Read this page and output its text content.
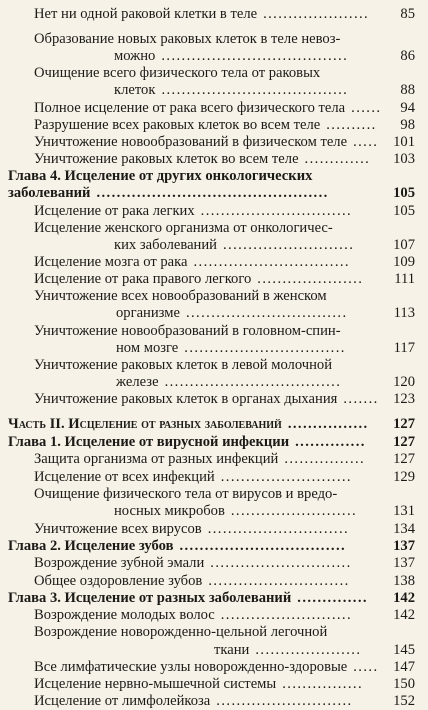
Нет ни одной раковой клетки в теле	85
.....................
Образование новых раковых клеток в теле невоз-
можно	86
.....................................
Очищение всего физического тела от раковых
клеток	88
.....................................
Полное исцеление от рака всего физического тела	94
......
Разрушение всех раковых клеток во всем теле	98
..........
Уничтожение новообразований в физическом теле	101
.....
Уничтожение раковых клеток во всем теле	103
.............
Глава 4. Исцеление от других онкологических
заболеваний	105
..............................................
Исцеление от рака легких	105
..............................
Исцеление женского организма от онкологичес-
ких заболеваний	107
..........................
Исцеление мозга от рака	109
...............................
Исцеление от рака правого легкого	111
.....................
Уничтожение всех новообразований в женском
организме	113
................................
Уничтожение новообразований в головном-спин-
ном мозге	117
................................
Уничтожение раковых клеток в левой молочной
железе	120
...................................
Уничтожение раковых клеток в органах дыхания	123
.......
Часть II. Исцеление от разных заболеваний	127
................
Глава 1. Исцеление от вирусной инфекции	127
..............
Защита организма от разных инфекций	127
................
Исцеление от всех инфекций	129
..........................
Очищение физического тела от вирусов и вредо-
носных микробов	131
.........................
Уничтожение всех вирусов	134
............................
Глава 2. Исцеление зубов	137
.................................
Возрождение зубной эмали	137
............................
Общее оздоровление зубов	138
............................
Глава 3. Исцеление от разных заболеваний	142
..............
Возрождение молодых волос	142
..........................
Возрождение новорожденно-цельной легочной
ткани	145
.....................
Все лимфатические узлы новорожденно-здоровые	147
.....
Исцеление нервно-мышечной системы	150
................
Исцеление от лимфолейкоза	152
...........................
